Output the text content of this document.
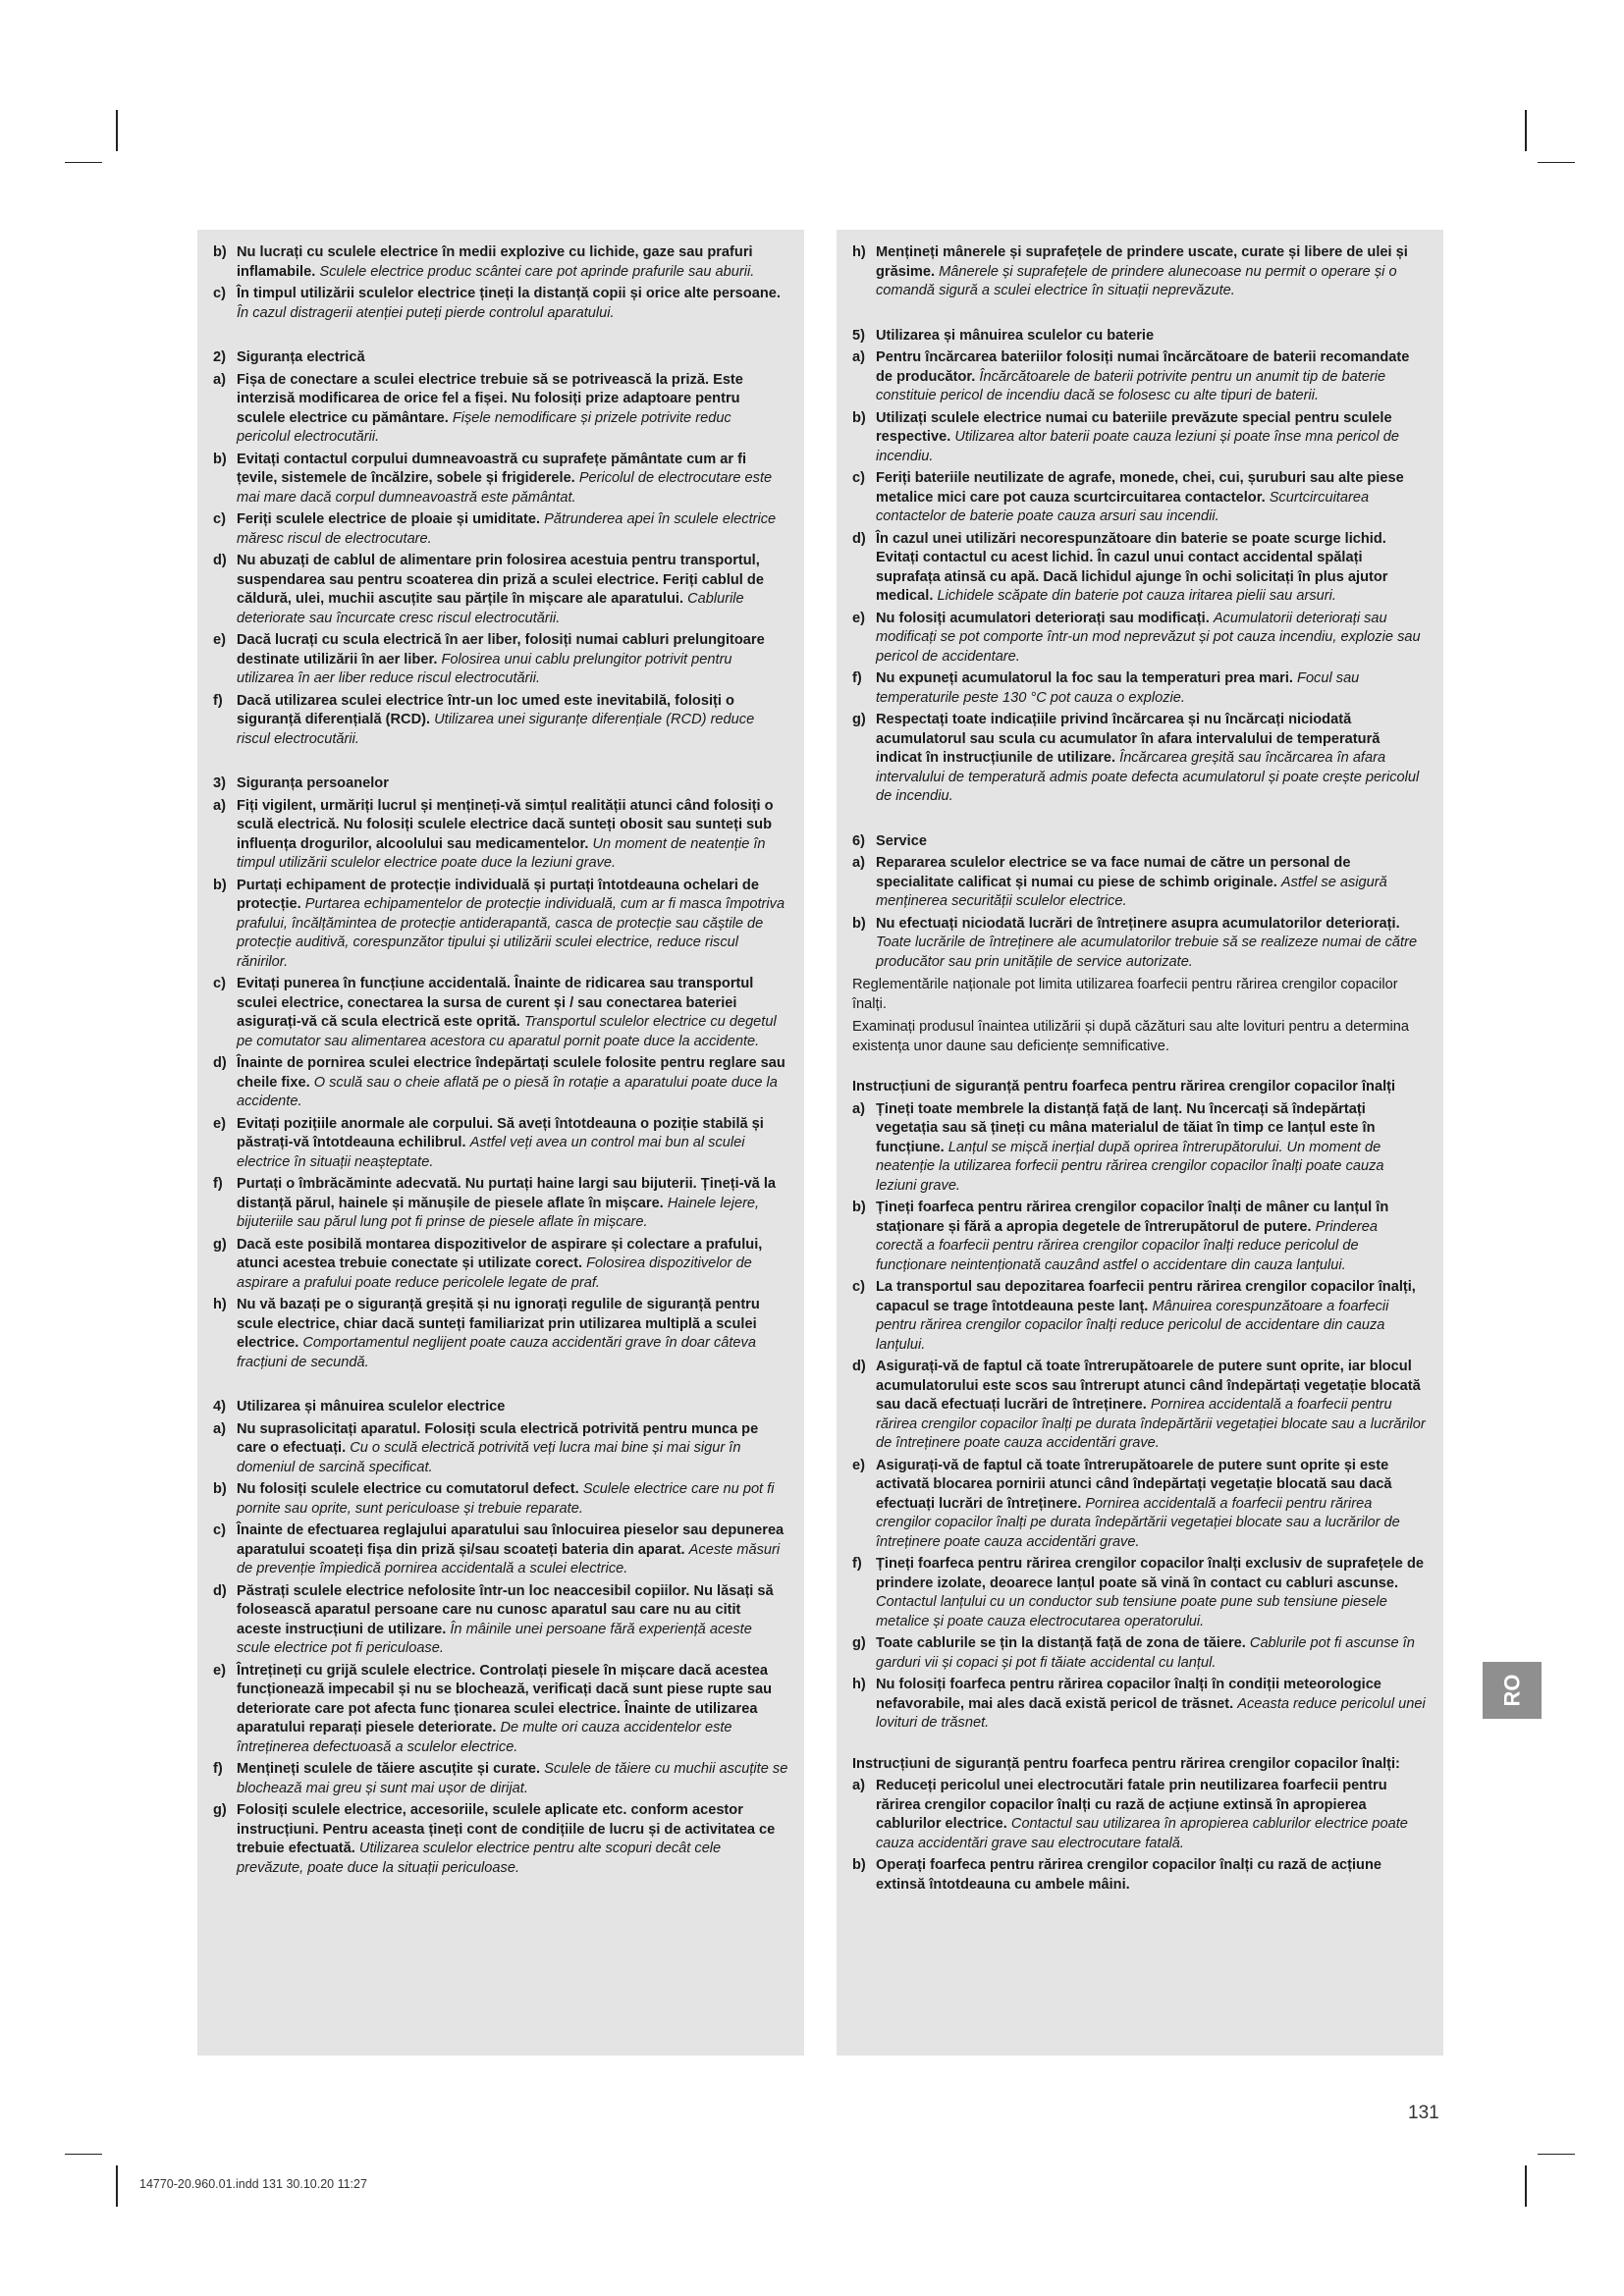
b) Nu lucrați cu sculele electrice în medii explozive cu lichide, gaze sau prafuri inflamabile. Sculele electrice produc scântei care pot aprinde prafurile sau aburii.
c) În timpul utilizării sculelor electrice țineți la distanță copii și orice alte persoane. În cazul distragerii atenției puteți pierde controlul aparatului.
2) Siguranța electrică
a) Fișa de conectare a sculei electrice trebuie să se potrivească la priză. Este interzisă modificarea de orice fel a fișei. Nu folosiți prize adaptoare pentru sculele electrice cu pământare. Fișele nemodificare și prizele potrivite reduc pericolul electrocutării.
b) Evitați contactul corpului dumneavoastră cu suprafețe pământate cum ar fi țevile, sistemele de încălzire, sobele și frigiderele. Pericolul de electrocutare este mai mare dacă corpul dumneavoastră este pământat.
c) Feriți sculele electrice de ploaie și umiditate. Pătrunderea apei în sculele electrice măresc riscul de electrocutare.
d) Nu abuzați de cablul de alimentare prin folosirea acestuia pentru transportul, suspendarea sau pentru scoaterea din priză a sculei electrice. Feriți cablul de căldură, ulei, muchii ascuțite sau părțile în mișcare ale aparatului. Cablurile deteriorate sau încurcate cresc riscul electrocutării.
e) Dacă lucrați cu scula electrică în aer liber, folosiți numai cabluri prelungitoare destinate utilizării în aer liber. Folosirea unui cablu prelungitor potrivit pentru utilizarea în aer liber reduce riscul electrocutării.
f) Dacă utilizarea sculei electrice într-un loc umed este inevitabilă, folosiți o siguranță diferențială (RCD). Utilizarea unei siguranțe diferențiale (RCD) reduce riscul electrocutării.
3) Siguranța persoanelor
a) Fiți vigilent, urmăriți lucrul și mențineți-vă simțul realității atunci când folosiți o sculă electrică. Nu folosiți sculele electrice dacă sunteți obosit sau sunteți sub influența drogurilor, alcoolului sau medicamentelor. Un moment de neatenție în timpul utilizării sculelor electrice poate duce la leziuni grave.
b) Purtați echipament de protecție individuală și purtați întotdeauna ochelari de protecție. Purtarea echipamentelor de protecție individuală, cum ar fi masca împotriva prafului, încălțămintea de protecție antiderapantă, casca de protecție sau căștile de protecție auditivă, corespunzător tipului și utilizării sculei electrice, reduce riscul rănirilor.
c) Evitați punerea în funcțiune accidentală. Înainte de ridicarea sau transportul sculei electrice, conectarea la sursa de curent și / sau conectarea bateriei asigurați-vă că scula electrică este oprită. Transportul sculelor electrice cu degetul pe comutator sau alimentarea acestora cu aparatul pornit poate duce la accidente.
d) Înainte de pornirea sculei electrice îndepărtați sculele folosite pentru reglare sau cheile fixe. O sculă sau o cheie aflată pe o piesă în rotație a aparatului poate duce la accidente.
e) Evitați pozițiile anormale ale corpului. Să aveți întotdeauna o poziție stabilă și păstrați-vă întotdeauna echilibrul. Astfel veți avea un control mai bun al sculei electrice în situații neașteptate.
f) Purtați o îmbrăcăminte adecvată. Nu purtați haine largi sau bijuterii. Țineți-vă la distanță părul, hainele și mănușile de piesele aflate în mișcare. Hainele lejere, bijuteriile sau părul lung pot fi prinse de piesele aflate în mișcare.
g) Dacă este posibilă montarea dispozitivelor de aspirare și colectare a prafului, atunci acestea trebuie conectate și utilizate corect. Folosirea dispozitivelor de aspirare a prafului poate reduce pericolele legate de praf.
h) Nu vă bazați pe o siguranță greșită și nu ignorați regulile de siguranță pentru scule electrice, chiar dacă sunteți familiarizat prin utilizarea multiplă a sculei electrice. Comportamentul neglijent poate cauza accidentări grave în doar câteva fracțiuni de secundă.
4) Utilizarea și mânuirea sculelor electrice
a) Nu suprasolicitați aparatul. Folosiți scula electrică potrivită pentru munca pe care o efectuați. Cu o sculă electrică potrivită veți lucra mai bine și mai sigur în domeniul de sarcină specificat.
b) Nu folosiți sculele electrice cu comutatorul defect. Sculele electrice care nu pot fi pornite sau oprite, sunt periculoase și trebuie reparate.
c) Înainte de efectuarea reglajului aparatului sau înlocuirea pieselor sau depunerea aparatului scoateți fișa din priză și/sau scoateți bateria din aparat. Aceste măsuri de prevenție împiedică pornirea accidentală a sculei electrice.
d) Păstrați sculele electrice nefolosite într-un loc neaccesibil copiilor. Nu lăsați să folosească aparatul persoane care nu cunosc aparatul sau care nu au citit aceste instrucțiuni de utilizare. În mâinile unei persoane fără experiență aceste scule electrice pot fi periculoase.
e) Întrețineți cu grijă sculele electrice. Controlați piesele în mișcare dacă acestea funcționează impecabil și nu se blochează, verificați dacă sunt piese rupte sau deteriorate care pot afecta func ționarea sculei electrice. Înainte de utilizarea aparatului reparați piesele deteriorate. De multe ori cauza accidentelor este întreținerea defectuoasă a sculelor electrice.
f) Mențineți sculele de tăiere ascuțite și curate. Sculele de tăiere cu muchii ascuțite se blochează mai greu și sunt mai ușor de dirijat.
g) Folosiți sculele electrice, accesoriile, sculele aplicate etc. conform acestor instrucțiuni. Pentru aceasta țineți cont de condițiile de lucru și de activitatea ce trebuie efectuată. Utilizarea sculelor electrice pentru alte scopuri decât cele prevăzute, poate duce la situații periculoase.
h) Mențineți mânerele și suprafețele de prindere uscate, curate și libere de ulei și grăsime. Mânerele și suprafețele de prindere alunecoase nu permit o operare și o comandă sigură a sculei electrice în situații neprevăzute.
5) Utilizarea și mânuirea sculelor cu baterie
a) Pentru încărcarea bateriilor folosiți numai încărcătoare de baterii recomandate de producător. Încărcătoarele de baterii potrivite pentru un anumit tip de baterie constituie pericol de incendiu dacă se folosesc cu alte tipuri de baterii.
b) Utilizați sculele electrice numai cu bateriile prevăzute special pentru sculele respective. Utilizarea altor baterii poate cauza leziuni și poate înse mna pericol de incendiu.
c) Feriți bateriile neutilizate de agrafe, monede, chei, cui, șuruburi sau alte piese metalice mici care pot cauza scurtcircuitarea contactelor. Scurtcircuitarea contactelor de baterie poate cauza arsuri sau incendii.
d) În cazul unei utilizări necorespunzătoare din baterie se poate scurge lichid. Evitați contactul cu acest lichid. În cazul unui contact accidental spălați suprafața atinsă cu apă. Dacă lichidul ajunge în ochi solicitați în plus ajutor medical. Lichidele scăpate din baterie pot cauza iritarea pielii sau arsuri.
e) Nu folosiți acumulatori deteriorați sau modificați. Acumulatorii deteriorați sau modificați se pot comporte într-un mod neprevăzut și pot cauza incendiu, explozie sau pericol de accidentare.
f) Nu expuneți acumulatorul la foc sau la temperaturi prea mari. Focul sau temperaturile peste 130 °C pot cauza o explozie.
g) Respectați toate indicațiile privind încărcarea și nu încărcați niciodată acumulatorul sau scula cu acumulator în afara intervalului de temperatură indicat în instrucțiunile de utilizare. Încărcarea greșită sau încărcarea în afara intervalului de temperatură admis poate defecta acumulatorul și poate crește pericolul de incendiu.
6) Service
a) Repararea sculelor electrice se va face numai de către un personal de specialitate calificat și numai cu piese de schimb originale. Astfel se asigură menținerea securității sculelor electrice.
b) Nu efectuați niciodată lucrări de întreținere asupra acumulatorilor deteriorați. Toate lucrările de întreținere ale acumulatorilor trebuie să se realizeze numai de către producător sau prin unitățile de service autorizate.
Reglementările naționale pot limita utilizarea foarfecii pentru rărirea crengilor copacilor înalți.
Examinați produsul înaintea utilizării și după căzături sau alte lovituri pentru a determina existența unor daune sau deficiențe semnificative.
Instrucțiuni de siguranță pentru foarfeca pentru rărirea crengilor copacilor înalți
a) Țineți toate membrele la distanță față de lanț. Nu încercați să îndepărtați vegetația sau să țineți cu mâna materialul de tăiat în timp ce lanțul este în funcțiune. Lanțul se mișcă inerțial după oprirea întrerupătorului. Un moment de neatenție la utilizarea forfecii pentru rărirea crengilor copacilor înalți poate cauza leziuni grave.
b) Țineți foarfeca pentru rărirea crengilor copacilor înalți de mâner cu lanțul în staționare și fără a apropia degetele de întrerupătorul de putere. Prinderea corectă a foarfecii pentru rărirea crengilor copacilor înalți reduce pericolul de funcționare neintenționată cauzând astfel o accidentare din cauza lanțului.
c) La transportul sau depozitarea foarfecii pentru rărirea crengilor copacilor înalți, capacul se trage întotdeauna peste lanț. Mânuirea corespunzătoare a foarfecii pentru rărirea crengilor copacilor înalți reduce pericolul de accidentare din cauza lanțului.
d) Asigurați-vă de faptul că toate întrerupătoarele de putere sunt oprite, iar blocul acumulatorului este scos sau întrerupt atunci când îndepărtați vegetație blocată sau dacă efectuați lucrări de întreținere. Pornirea accidentală a foarfecii pentru rărirea crengilor copacilor înalți pe durata îndepărtării vegetației blocate sau a lucrărilor de întreținere poate cauza accidentări grave.
e) Asigurați-vă de faptul că toate întrerupătoarele de putere sunt oprite și este activată blocarea pornirii atunci când îndepărtați vegetație blocată sau dacă efectuați lucrări de întreținere. Pornirea accidentală a foarfecii pentru rărirea crengilor copacilor înalți pe durata îndepărtării vegetației blocate sau a lucrărilor de întreținere poate cauza accidentări grave.
f) Țineți foarfeca pentru rărirea crengilor copacilor înalți exclusiv de suprafețele de prindere izolate, deoarece lanțul poate să vină în contact cu cabluri ascunse. Contactul lanțului cu un conductor sub tensiune poate pune sub tensiune piesele metalice și poate cauza electrocutarea operatorului.
g) Toate cablurile se țin la distanță față de zona de tăiere. Cablurile pot fi ascunse în garduri vii și copaci și pot fi tăiate accidental cu lanțul.
h) Nu folosiți foarfeca pentru rărirea copacilor înalți în condiții meteorologice nefavorabile, mai ales dacă există pericol de trăsnet. Aceasta reduce pericolul unei lovituri de trăsnet.
Instrucțiuni de siguranță pentru foarfeca pentru rărirea crengilor copacilor înalți:
a) Reduceți pericolul unei electrocutări fatale prin neutilizarea foarfecii pentru rărirea crengilor copacilor înalți cu rază de acțiune extinsă în apropierea cablurilor electrice. Contactul sau utilizarea în apropierea cablurilor electrice poate cauza accidentări grave sau electrocutare fatală.
b) Operați foarfeca pentru rărirea crengilor copacilor înalți cu rază de acțiune extinsă întotdeauna cu ambele mâini.
RO
131
14770-20.960.01.indd 131 30.10.20 11:27
